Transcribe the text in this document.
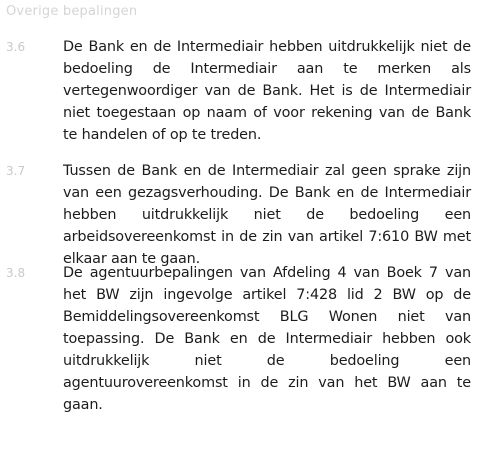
Overige bepalingen
3.6	De Bank en de Intermediair hebben uitdrukkelijk niet de bedoeling de Intermediair aan te merken als vertegenwoordiger van de Bank. Het is de Intermediair niet toegestaan op naam of voor rekening van de Bank te handelen of op te treden.
3.7	Tussen de Bank en de Intermediair zal geen sprake zijn van een gezagsverhouding. De Bank en de Intermediair hebben uitdrukkelijk niet de bedoeling een arbeidsovereenkomst in de zin van artikel 7:610 BW met elkaar aan te gaan.
3.8	De agentuurbepalingen van Afdeling 4 van Boek 7 van het BW zijn ingevolge artikel 7:428 lid 2 BW op de Bemiddelingsovereenkomst BLG Wonen niet van toepassing. De Bank en de Intermediair hebben ook uitdrukkelijk niet de bedoeling een agentuurovereenkomst in de zin van het BW aan te gaan.
